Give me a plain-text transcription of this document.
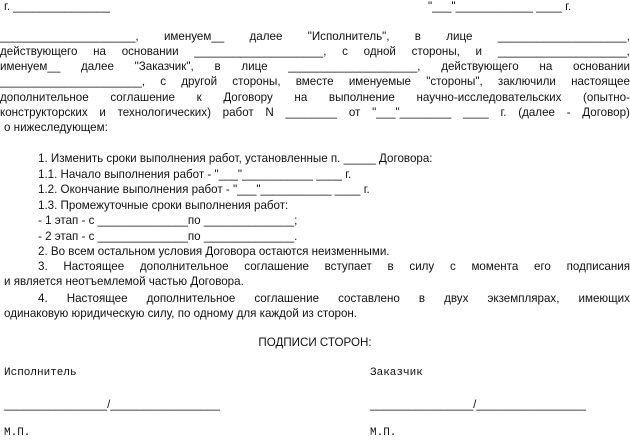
г. _______________	"___"____________ ____ г.
_____________________, именуем__ далее "Исполнитель", в лице ____________________,
действующего на основании ____________________, с одной стороны, и ____________________,
именуем__ далее "Заказчик", в лице ____________________, действующего на основании
______________________, с другой стороны, вместе именуемые "стороны", заключили настоящее
дополнительное соглашение к Договору на выполнение научно-исследовательских (опытно-
конструкторских и технологических) работ N ________ от "___"________ ____ г. (далее - Договор)
о нижеследующем:
1. Изменить сроки выполнения работ, установленные п. _____ Договора:
1.1. Начало выполнения работ - "___"___________ ____ г.
1.2. Окончание выполнения работ - "___"___________ ____ г.
1.3. Промежуточные сроки выполнения работ:
- 1 этап - с ______________по ______________;
- 2 этап - с ______________по ______________.
2. Во всем остальном условия Договора остаются неизменными.
3. Настоящее дополнительное соглашение вступает в силу с момента его подписания
и является неотъемлемой частью Договора.
4. Настоящее дополнительное соглашение составлено в двух экземплярах, имеющих
одинаковую юридическую силу, по одному для каждой из сторон.
ПОДПИСИ СТОРОН:
Исполнитель	Заказчик
________________/_________________	________________/_________________
М.П.	М.П.
